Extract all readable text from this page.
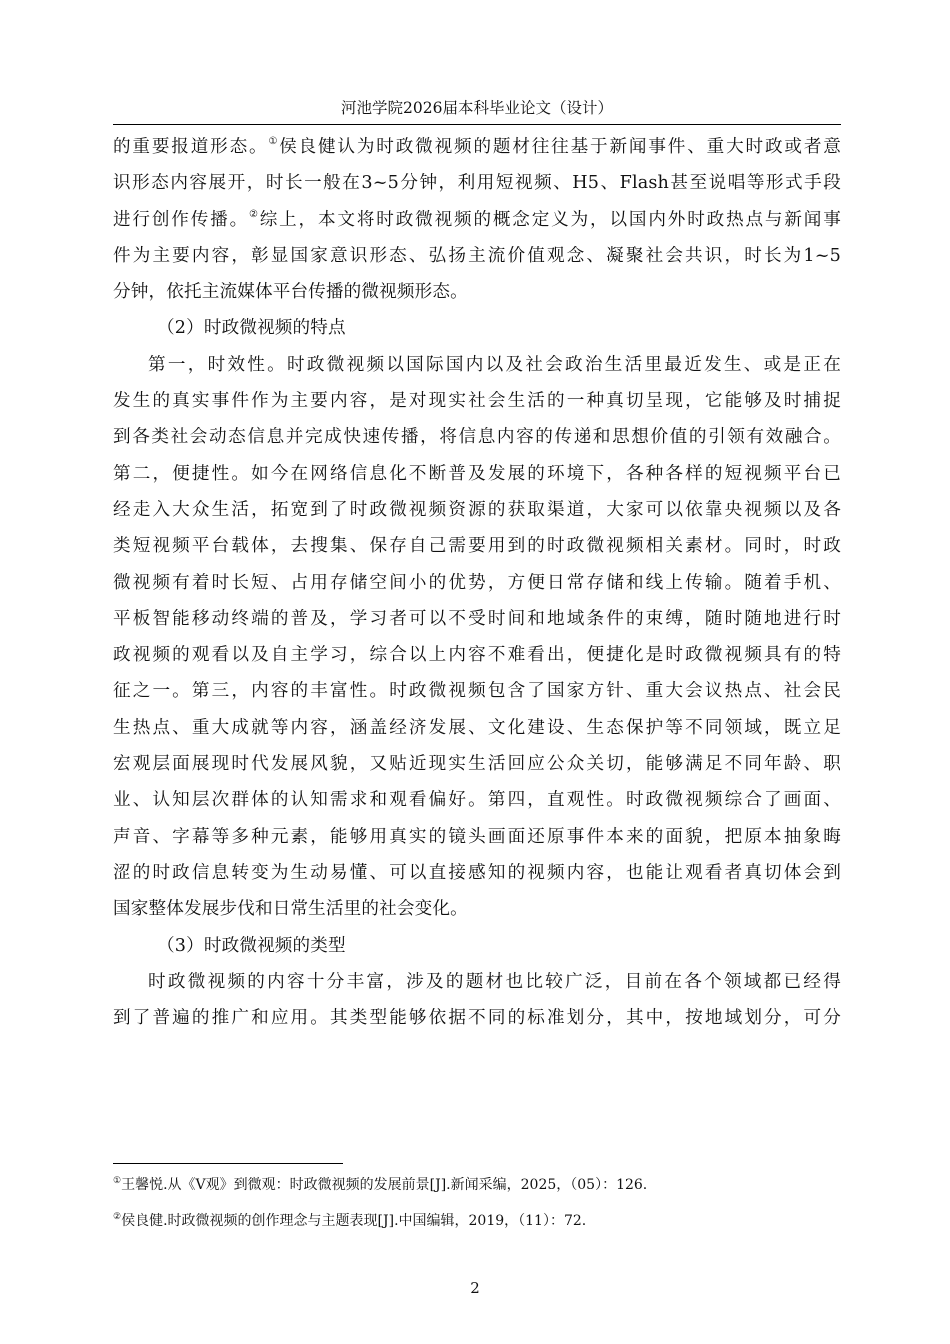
河池学院2026届本科毕业论文（设计）
的重要报道形态。①侯良健认为时政微视频的题材往往基于新闻事件、重大时政或者意
识形态内容展开，时长一般在3~5分钟，利用短视频、H5、Flash甚至说唱等形式手段
进行创作传播。②综上，本文将时政微视频的概念定义为，以国内外时政热点与新闻事
件为主要内容，彰显国家意识形态、弘扬主流价值观念、凝聚社会共识，时长为1~5
分钟，依托主流媒体平台传播的微视频形态。
（2）时政微视频的特点
第一，时效性。时政微视频以国际国内以及社会政治生活里最近发生、或是正在
发生的真实事件作为主要内容，是对现实社会生活的一种真切呈现，它能够及时捕捉
到各类社会动态信息并完成快速传播，将信息内容的传递和思想价值的引领有效融合。
第二，便捷性。如今在网络信息化不断普及发展的环境下，各种各样的短视频平台已
经走入大众生活，拓宽到了时政微视频资源的获取渠道，大家可以依靠央视频以及各
类短视频平台载体，去搜集、保存自己需要用到的时政微视频相关素材。同时，时政
微视频有着时长短、占用存储空间小的优势，方便日常存储和线上传输。随着手机、
平板智能移动终端的普及，学习者可以不受时间和地域条件的束缚，随时随地进行时
政视频的观看以及自主学习，综合以上内容不难看出，便捷化是时政微视频具有的特
征之一。第三，内容的丰富性。时政微视频包含了国家方针、重大会议热点、社会民
生热点、重大成就等内容，涵盖经济发展、文化建设、生态保护等不同领域，既立足
宏观层面展现时代发展风貌，又贴近现实生活回应公众关切，能够满足不同年龄、职
业、认知层次群体的认知需求和观看偏好。第四，直观性。时政微视频综合了画面、
声音、字幕等多种元素，能够用真实的镜头画面还原事件本来的面貌，把原本抽象晦
涩的时政信息转变为生动易懂、可以直接感知的视频内容，也能让观看者真切体会到
国家整体发展步伐和日常生活里的社会变化。
（3）时政微视频的类型
时政微视频的内容十分丰富，涉及的题材也比较广泛，目前在各个领域都已经得
到了普遍的推广和应用。其类型能够依据不同的标准划分，其中，按地域划分，可分
①王馨悦.从《V观》到微观：时政微视频的发展前景[J].新闻采编，2025，（05）：126.
②侯良健.时政微视频的创作理念与主题表现[J].中国编辑，2019，（11）：72.
2
